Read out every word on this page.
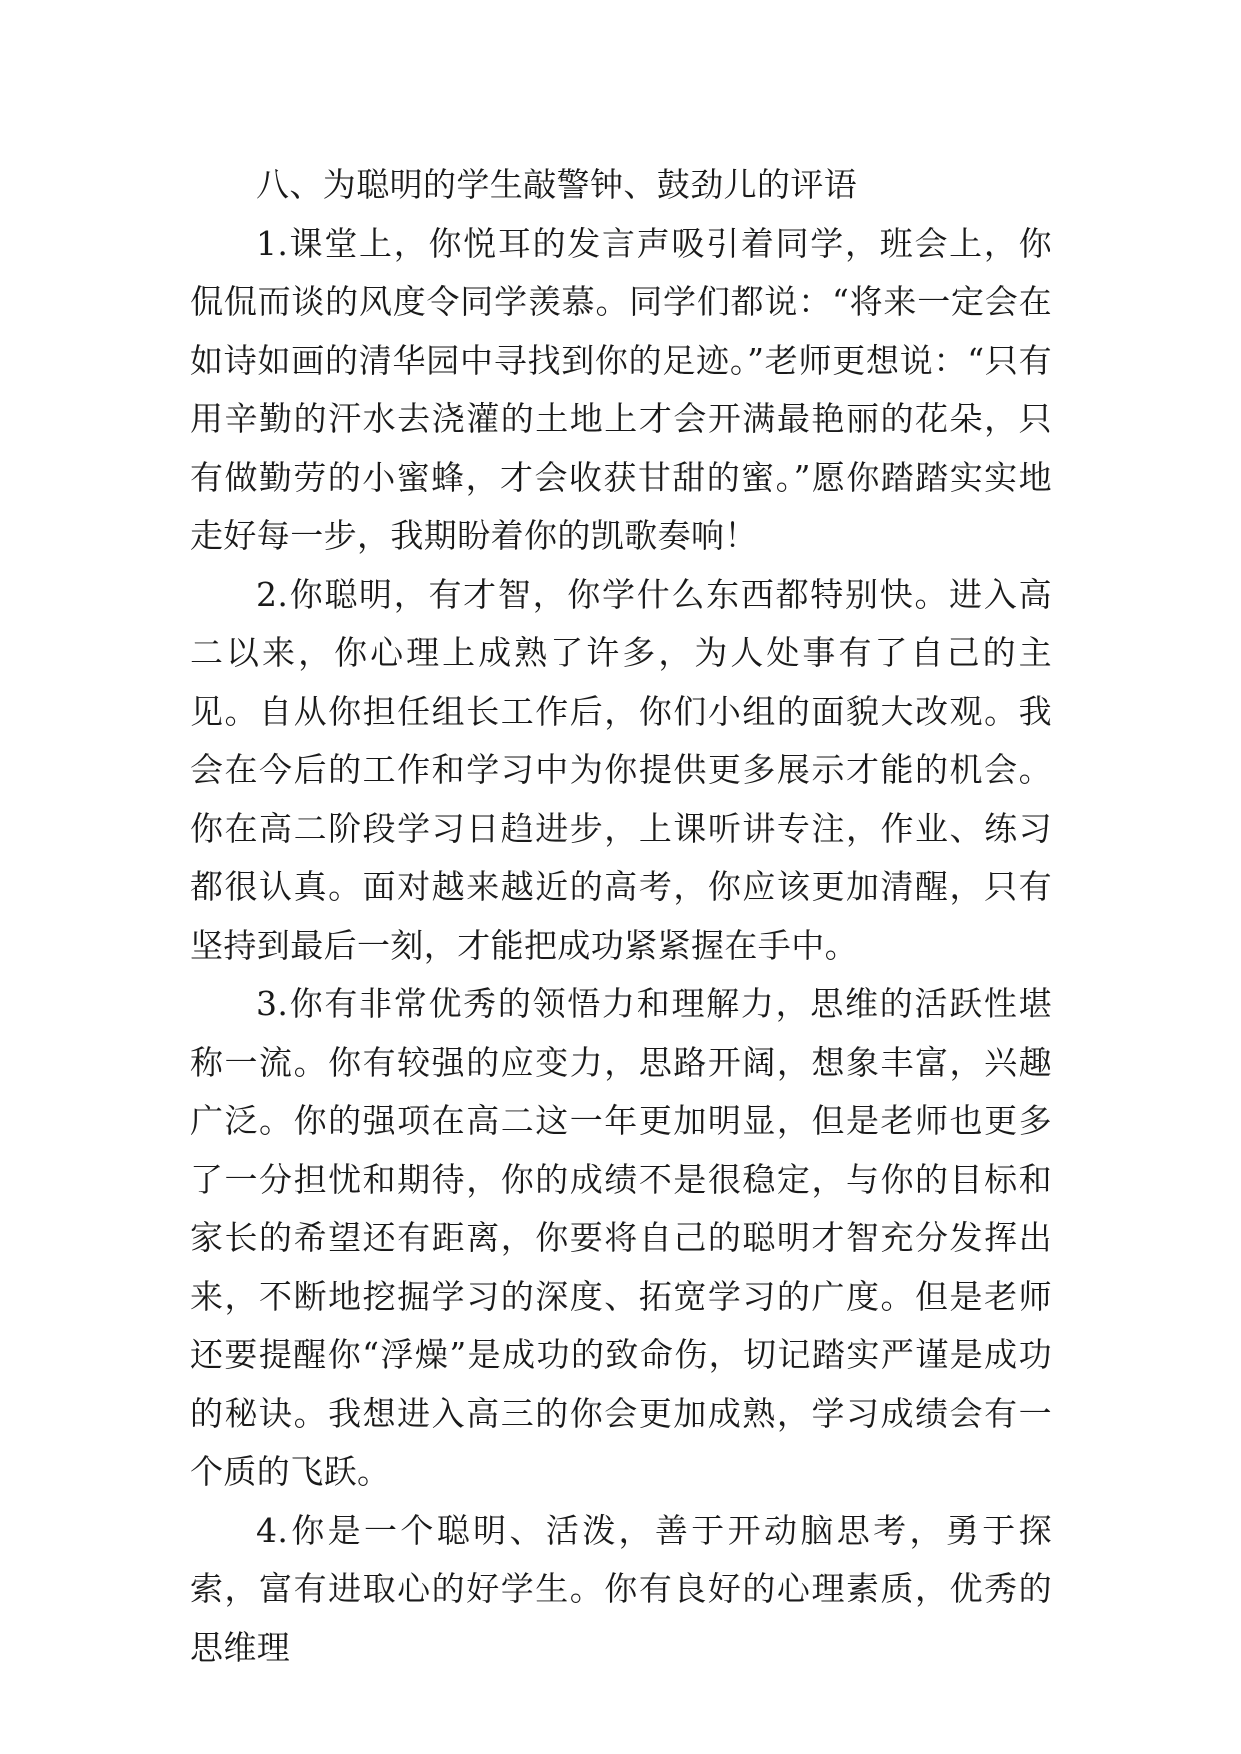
八、为聪明的学生敲警钟、鼓劲儿的评语

1.课堂上，你悦耳的发言声吸引着同学，班会上，你侃侃而谈的风度令同学羡慕。同学们都说：“将来一定会在如诗如画的清华园中寻找到你的足迹。”老师更想说：“只有用辛勤的汗水去浇灌的土地上才会开满最艳丽的花朵，只有做勤劳的小蜜蜂，才会收获甘甜的蜜。”愿你踏踏实实地走好每一步，我期盼着你的凯歌奏响！

2.你聪明，有才智，你学什么东西都特别快。进入高二以来，你心理上成熟了许多，为人处事有了自己的主见。自从你担任组长工作后，你们小组的面貌大改观。我会在今后的工作和学习中为你提供更多展示才能的机会。你在高二阶段学习日趋进步，上课听讲专注，作业、练习都很认真。面对越来越近的高考，你应该更加清醒，只有坚持到最后一刻，才能把成功紧紧握在手中。

3.你有非常优秀的领悟力和理解力，思维的活跃性堪称一流。你有较强的应变力，思路开阔，想象丰富，兴趣广泛。你的强项在高二这一年更加明显，但是老师也更多了一分担忧和期待，你的成绩不是很稳定，与你的目标和家长的希望还有距离，你要将自己的聪明才智充分发挥出来，不断地挖掘学习的深度、拓宽学习的广度。但是老师还要提醒你“浮燥”是成功的致命伤，切记踏实严谨是成功的秘诀。我想进入高三的你会更加成熟，学习成绩会有一个质的飞跃。

4.你是一个聪明、活泼，善于开动脑思考，勇于探索，富有进取心的好学生。你有良好的心理素质，优秀的思维理
